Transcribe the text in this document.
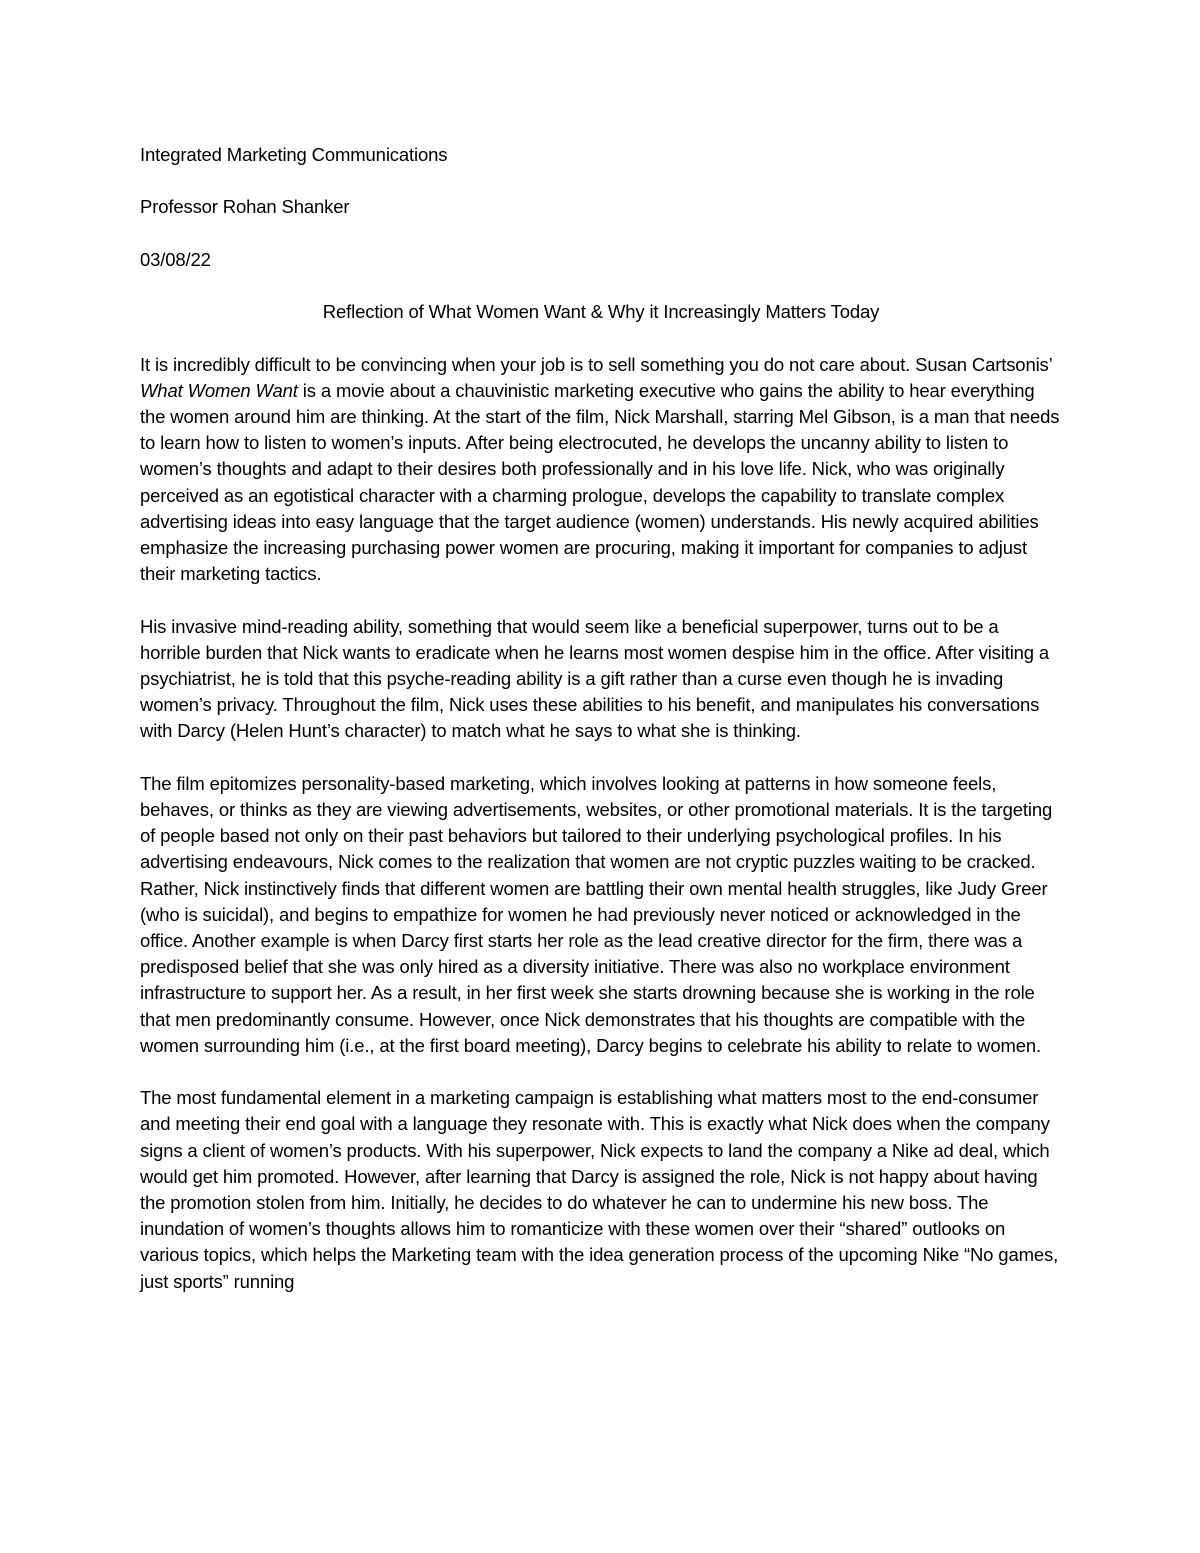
Integrated Marketing Communications
Professor Rohan Shanker
03/08/22
Reflection of What Women Want & Why it Increasingly Matters Today

It is incredibly difficult to be convincing when your job is to sell something you do not care about. Susan Cartsonis’ What Women Want is a movie about a chauvinistic marketing executive who gains the ability to hear everything the women around him are thinking. At the start of the film, Nick Marshall, starring Mel Gibson, is a man that needs to learn how to listen to women’s inputs. After being electrocuted, he develops the uncanny ability to listen to women’s thoughts and adapt to their desires both professionally and in his love life. Nick, who was originally perceived as an egotistical character with a charming prologue, develops the capability to translate complex advertising ideas into easy language that the target audience (women) understands. His newly acquired abilities emphasize the increasing purchasing power women are procuring, making it important for companies to adjust their marketing tactics.

His invasive mind-reading ability, something that would seem like a beneficial superpower, turns out to be a horrible burden that Nick wants to eradicate when he learns most women despise him in the office. After visiting a psychiatrist, he is told that this psyche-reading ability is a gift rather than a curse even though he is invading women’s privacy. Throughout the film, Nick uses these abilities to his benefit, and manipulates his conversations with Darcy (Helen Hunt’s character) to match what he says to what she is thinking.

The film epitomizes personality-based marketing, which involves looking at patterns in how someone feels, behaves, or thinks as they are viewing advertisements, websites, or other promotional materials. It is the targeting of people based not only on their past behaviors but tailored to their underlying psychological profiles. In his advertising endeavours, Nick comes to the realization that women are not cryptic puzzles waiting to be cracked. Rather, Nick instinctively finds that different women are battling their own mental health struggles, like Judy Greer (who is suicidal), and begins to empathize for women he had previously never noticed or acknowledged in the office. Another example is when Darcy first starts her role as the lead creative director for the firm, there was a predisposed belief that she was only hired as a diversity initiative. There was also no workplace environment infrastructure to support her. As a result, in her first week she starts drowning because she is working in the role that men predominantly consume. However, once Nick demonstrates that his thoughts are compatible with the women surrounding him (i.e., at the first board meeting), Darcy begins to celebrate his ability to relate to women.

The most fundamental element in a marketing campaign is establishing what matters most to the end-consumer and meeting their end goal with a language they resonate with. This is exactly what Nick does when the company signs a client of women’s products. With his superpower, Nick expects to land the company a Nike ad deal, which would get him promoted. However, after learning that Darcy is assigned the role, Nick is not happy about having the promotion stolen from him. Initially, he decides to do whatever he can to undermine his new boss. The inundation of women’s thoughts allows him to romanticize with these women over their “shared” outlooks on various topics, which helps the Marketing team with the idea generation process of the upcoming Nike “No games, just sports” running
